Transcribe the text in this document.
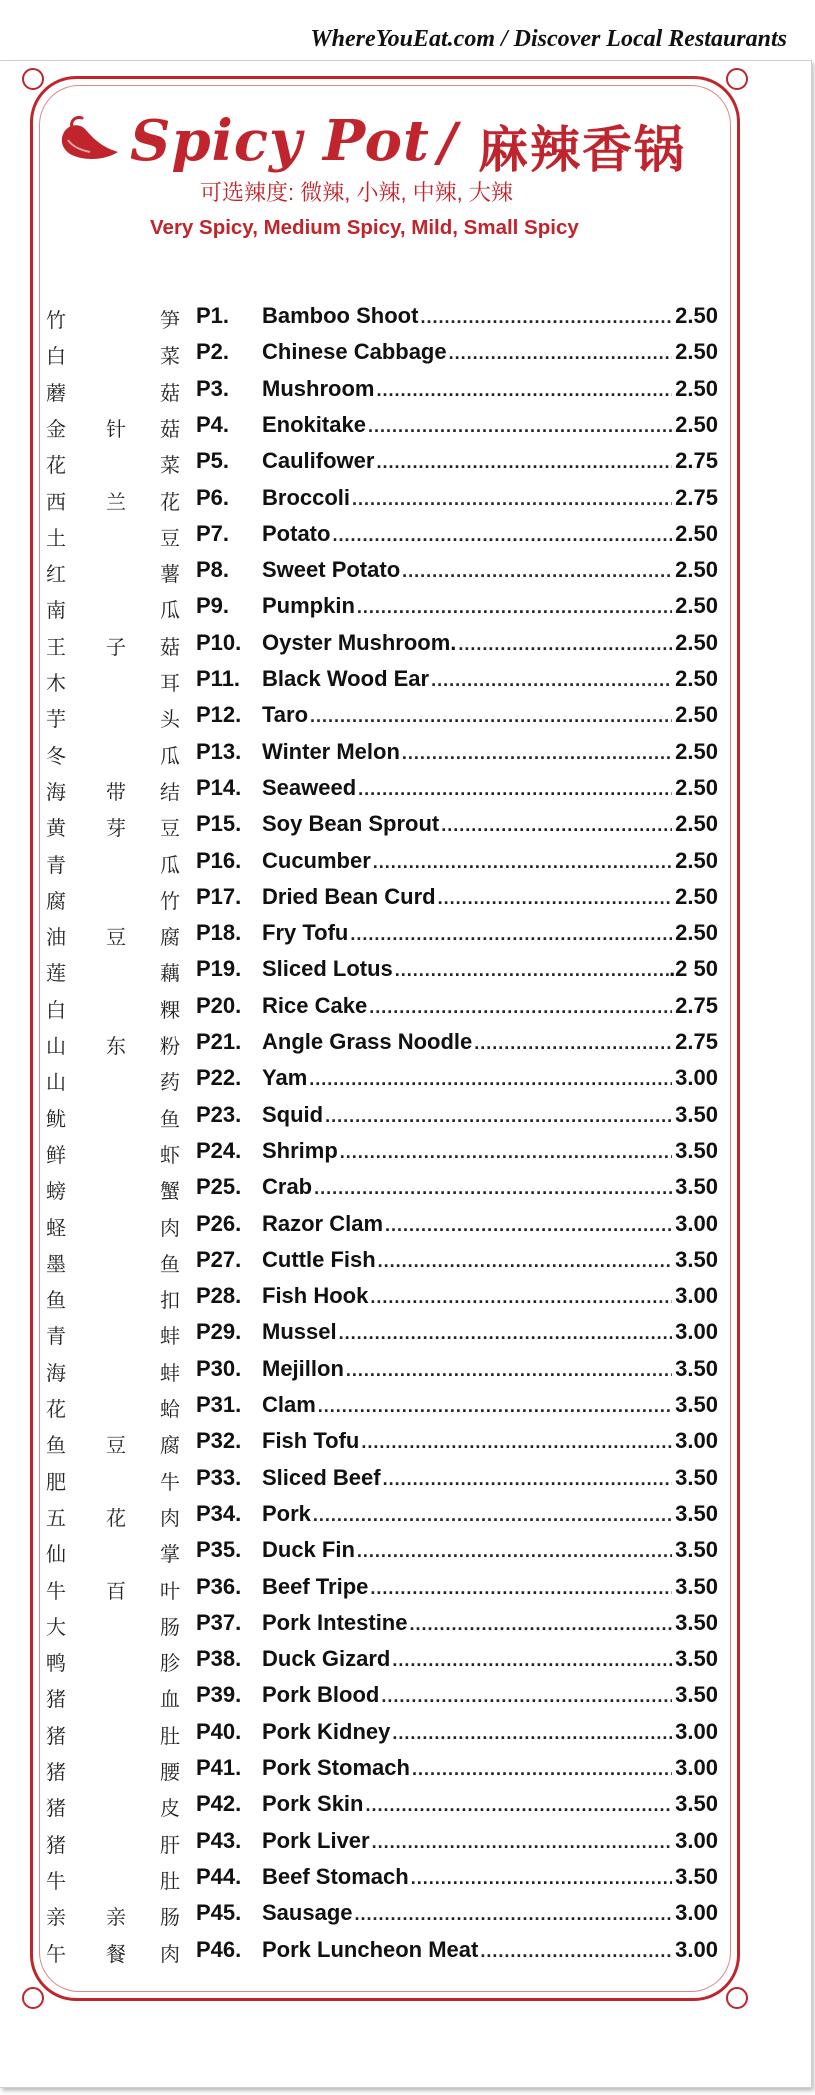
WhereYouEat.com / Discover Local Restaurants
Spicy Pot / 麻辣香锅
可选辣度: 微辣, 小辣, 中辣, 大辣
Very Spicy, Medium Spicy, Mild, Small Spicy
竹	笋 P1. Bamboo Shoot .....	2.50
白	菜 P2. Chinese Cabbage .....	2.50
蘑	菇 P3. Mushroom .....	2.50
金 针 菇 P4. Enokitake .....	2.50
花	菜 P5. Caulifower .....	2.75
西 兰 花 P6. Broccoli .....	2.75
土	豆 P7. Potato .....	2.50
红	薯 P8. Sweet Potato .....	2.50
南	瓜 P9. Pumpkin .....	2.50
王 子 菇 P10. Oyster Mushroom. .....	2.50
木	耳 P11. Black Wood Ear .....	2.50
芋	头 P12. Taro .....	2.50
冬	瓜 P13. Winter Melon .....	2.50
海 带 结 P14. Seaweed .....	2.50
黄 芽 豆 P15. Soy Bean Sprout .....	2.50
青	瓜 P16. Cucumber .....	2.50
腐	竹 P17. Dried Bean Curd .....	2.50
油 豆 腐 P18. Fry Tofu .....	2.50
莲	藕 P19. Sliced Lotus .....	.2 50
白	粿 P20. Rice Cake .....	2.75
山 东 粉 P21. Angle Grass Noodle .....	2.75
山	药 P22. Yam .....	3.00
鱿	鱼 P23. Squid .....	3.50
鲜	虾 P24. Shrimp .....	3.50
螃	蟹 P25. Crab .....	3.50
蛏	肉 P26. Razor Clam .....	3.00
墨	鱼 P27. Cuttle Fish .....	3.50
鱼	扣 P28. Fish Hook .....	3.00
青	蚌 P29. Mussel .....	3.00
海	蚌 P30. Mejillon .....	3.50
花	蛤 P31. Clam .....	3.50
鱼 豆 腐 P32. Fish Tofu .....	3.00
肥	牛 P33. Sliced Beef .....	3.50
五 花 肉 P34. Pork .....	3.50
仙	掌 P35. Duck Fin .....	3.50
牛 百 叶 P36. Beef Tripe .....	3.50
大	肠 P37. Pork Intestine .....	3.50
鸭	胗 P38. Duck Gizard .....	3.50
猪	血 P39. Pork Blood .....	3.50
猪	肚 P40. Pork Kidney .....	3.00
猪	腰 P41. Pork Stomach .....	3.00
猪	皮 P42. Pork Skin .....	3.50
猪	肝 P43. Pork Liver .....	3.00
牛	肚 P44. Beef Stomach .....	3.50
亲 亲 肠 P45. Sausage .....	3.00
午 餐 肉 P46. Pork Luncheon Meat .....	3.00
